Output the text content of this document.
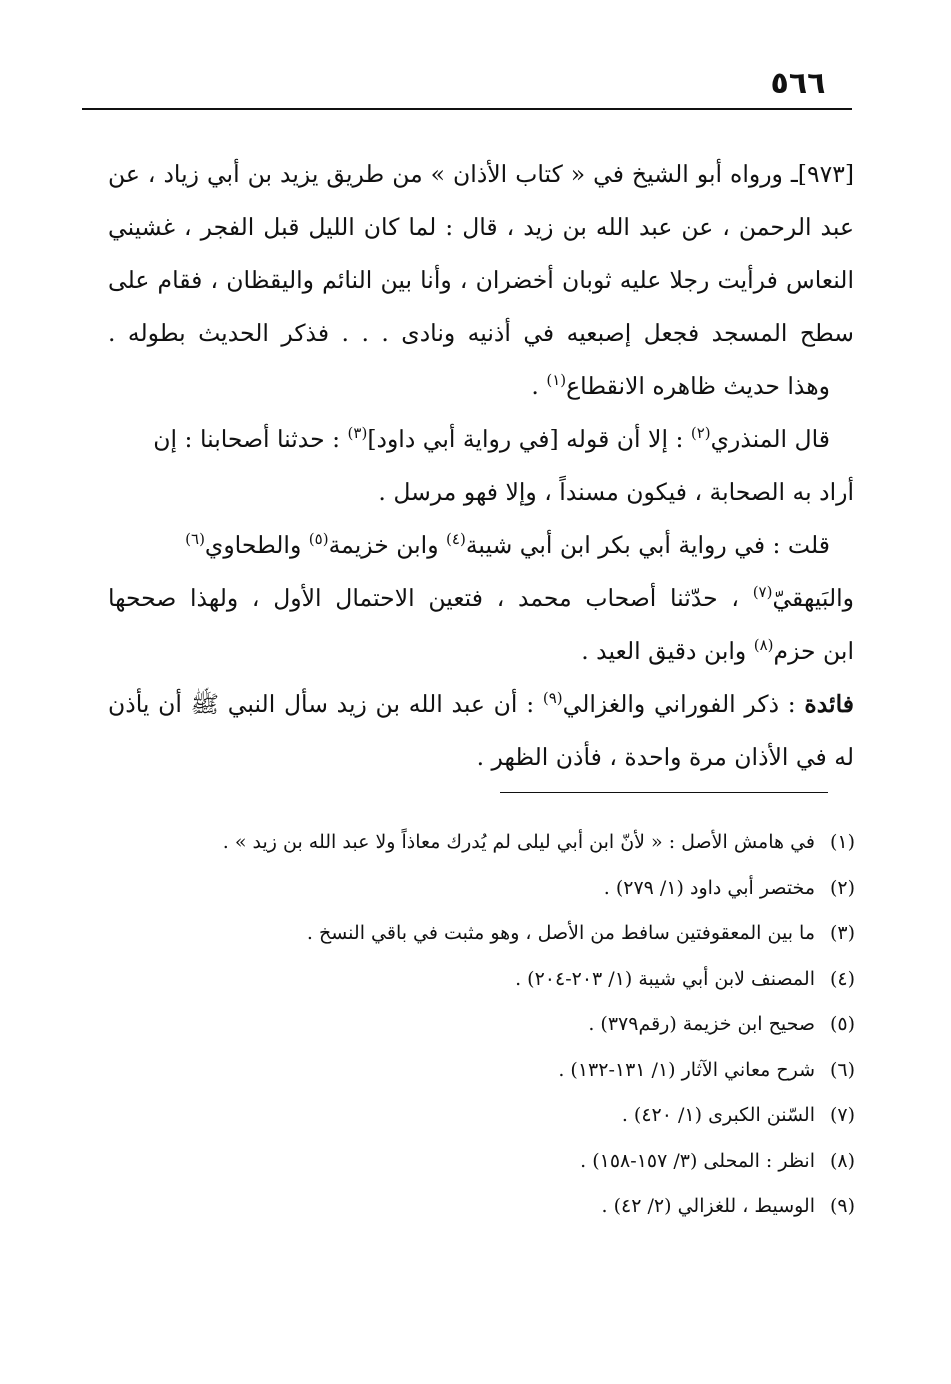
٥٦٦
[٩٧٣]ـ ورواه أبو الشيخ في « كتاب الأذان » من طريق يزيد بن أبي زياد ، عن
عبد الرحمن ، عن عبد الله بن زيد ، قال : لما كان الليل قبل الفجر ، غشيني
النعاس فرأيت رجلا عليه ثوبان أخضران ، وأنا بين النائم واليقظان ، فقام على
سطح المسجد فجعل إصبعيه في أذنيه ونادى . . . فذكر الحديث بطوله .
وهذا حديث ظاهره الانقطاع$^{(١)}$ .
قال المنذري$^{(٢)}$ : إلا أن قوله [في رواية أبي داود]$^{(٣)}$ : حدثنا أصحابنا : إن
أراد به الصحابة ، فيكون مسنداً ، وإلا فهو مرسل .
قلت : في رواية أبي بكر ابن أبي شيبة$^{(٤)}$ وابن خزيمة$^{(٥)}$ والطحاوي$^{(٦)}$
والبَيهقيّ$^{(٧)}$ ، حدّثنا أصحاب محمد ، فتعين الاحتمال الأول ، ولهذا صححها
ابن حزم$^{(٨)}$ وابن دقيق العيد .
فائدة : ذكر الفوراني والغزالي$^{(٩)}$ : أن عبد الله بن زيد سأل النبي ﷺ أن يأذن
له في الأذان مرة واحدة ، فأذن الظهر .
(١)في هامش الأصل : « لأنّ ابن أبي ليلى لم يُدرك معاذاً ولا عبد الله بن زيد » .
(٢)مختصر أبي داود (١/ ٢٧٩) .
(٣)ما بين المعقوفتين سافط من الأصل ، وهو مثبت في باقي النسخ .
(٤)المصنف لابن أبي شيبة (١/ ٢٠٣-٢٠٤) .
(٥)صحيح ابن خزيمة (رقم٣٧٩) .
(٦)شرح معاني الآثار (١/ ١٣١-١٣٢) .
(٧)السّنن الكبرى (١/ ٤٢٠) .
(٨)انظر : المحلى (٣/ ١٥٧-١٥٨) .
(٩)الوسيط ، للغزالي (٢/ ٤٢) .
